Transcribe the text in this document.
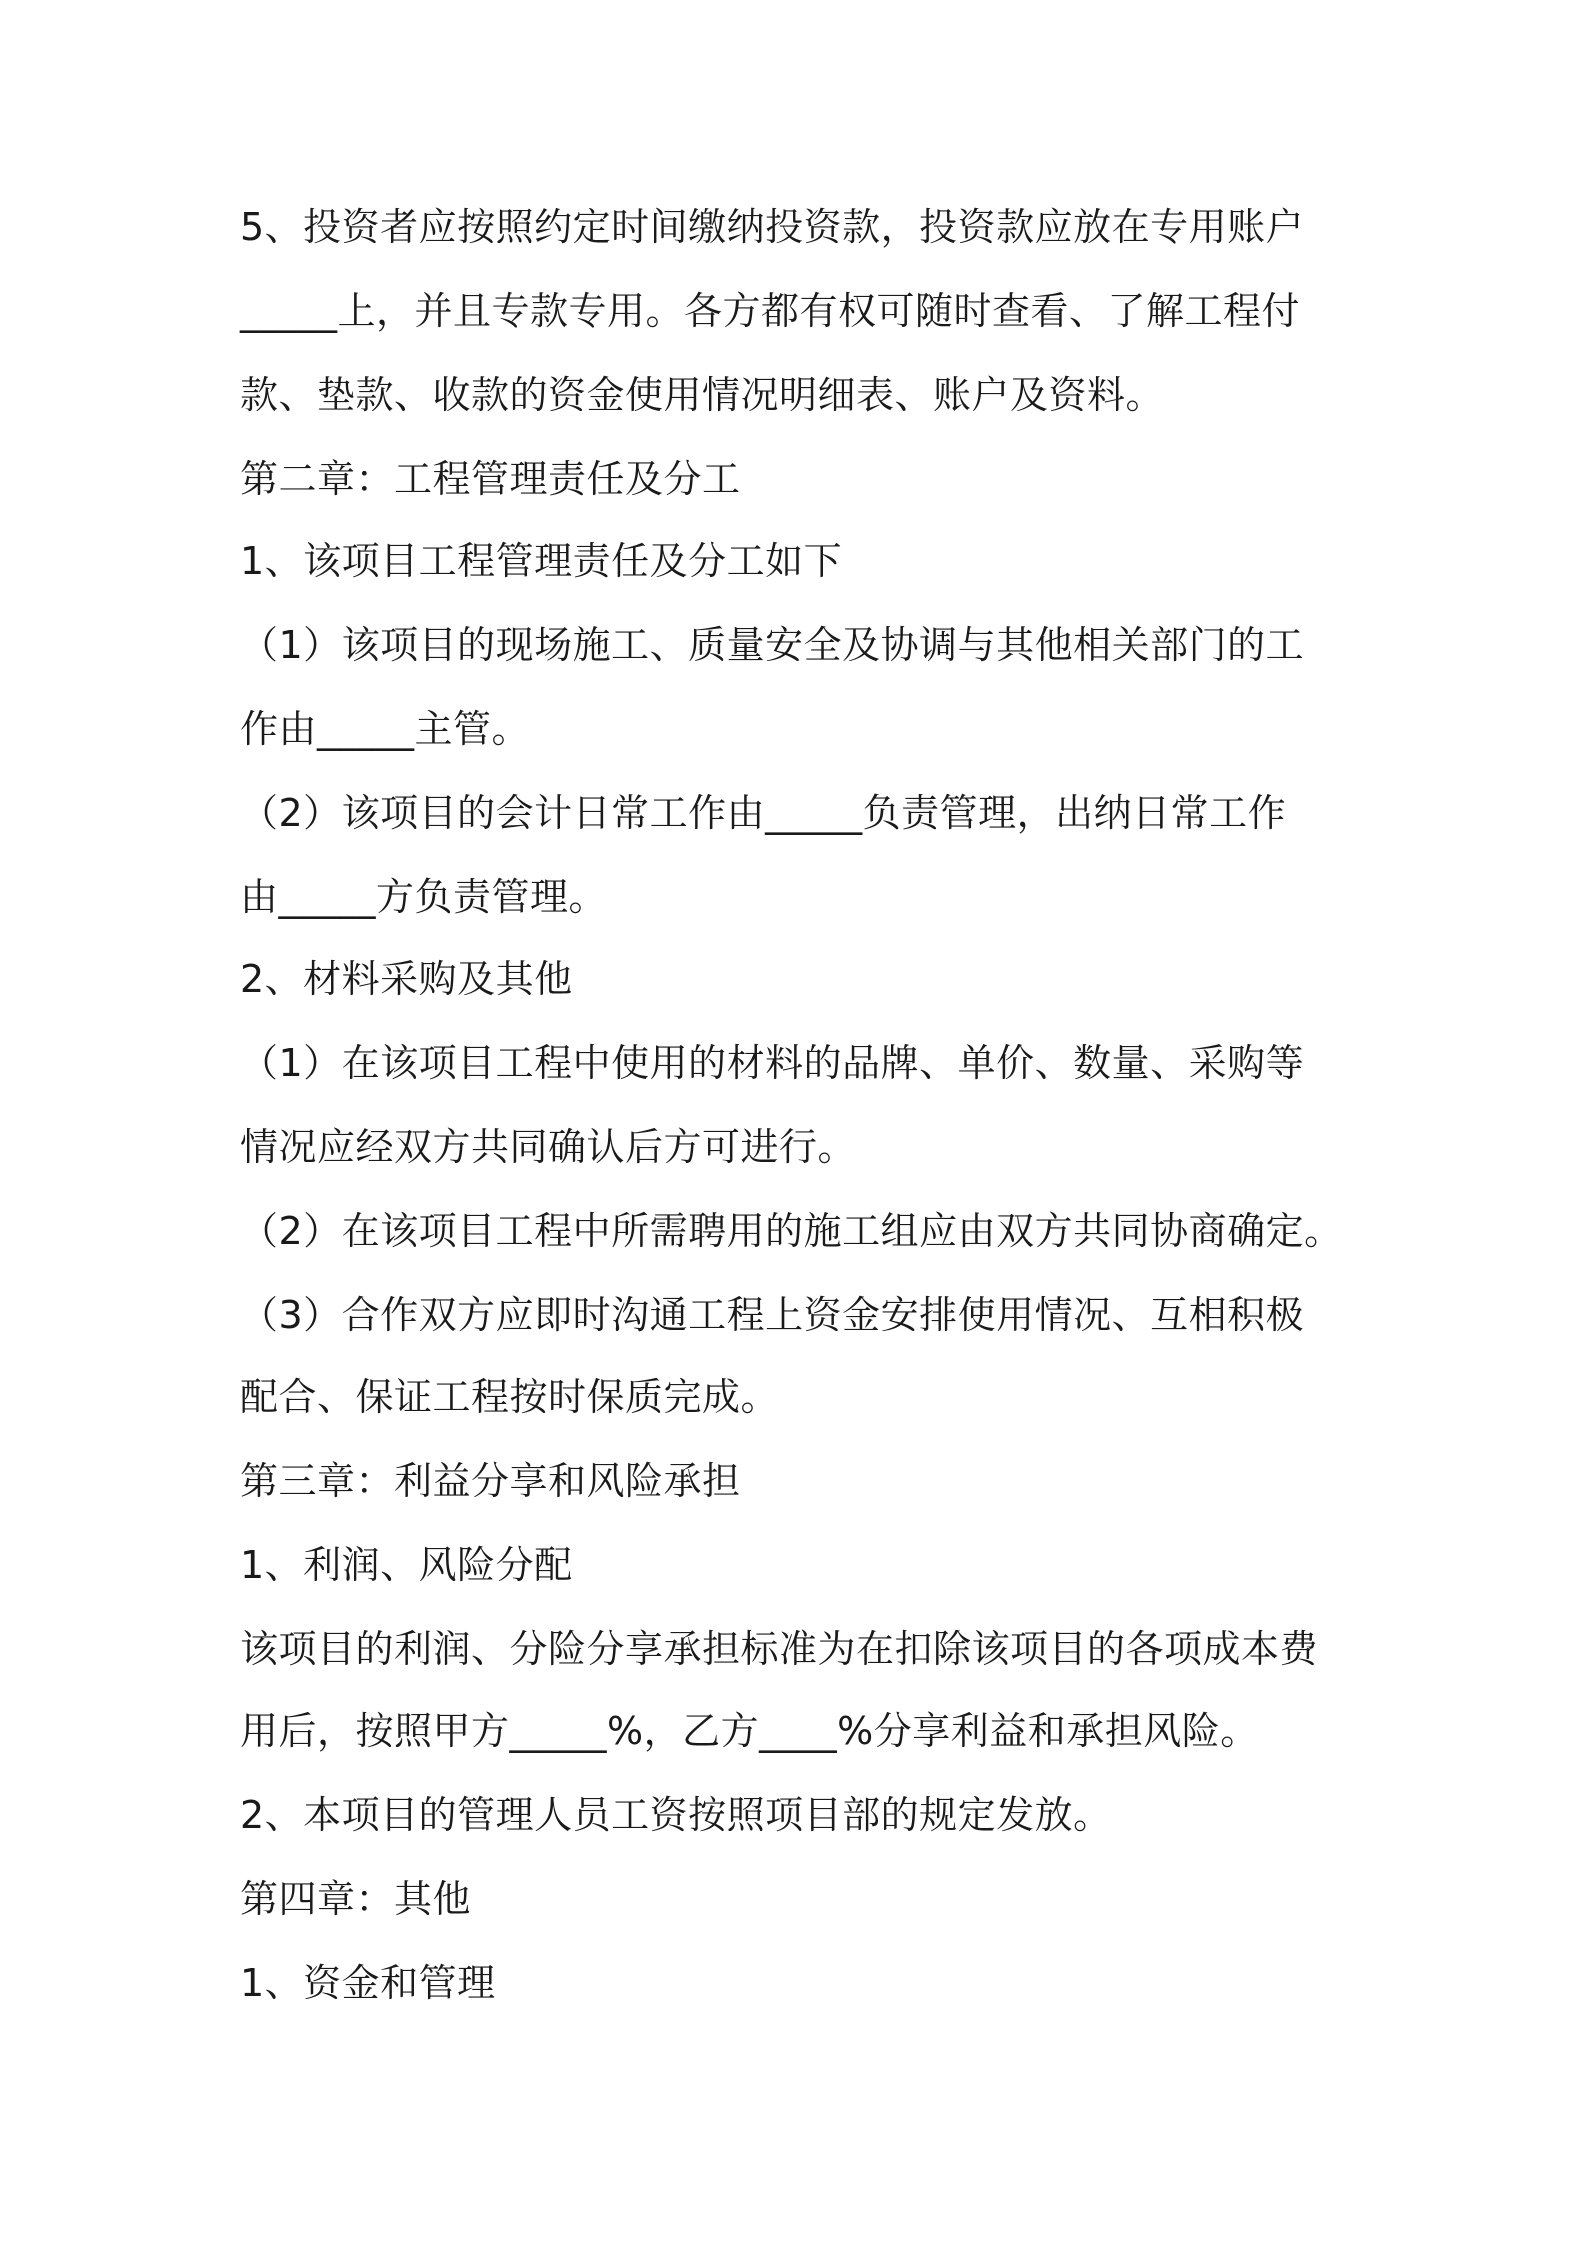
5、投资者应按照约定时间缴纳投资款，投资款应放在专用账户
_____上，并且专款专用。各方都有权可随时查看、了解工程付
款、垫款、收款的资金使用情况明细表、账户及资料。
第二章：工程管理责任及分工
1、该项目工程管理责任及分工如下
（1）该项目的现场施工、质量安全及协调与其他相关部门的工
作由_____主管。
（2）该项目的会计日常工作由_____负责管理，出纳日常工作
由_____方负责管理。
2、材料采购及其他
（1）在该项目工程中使用的材料的品牌、单价、数量、采购等
情况应经双方共同确认后方可进行。
（2）在该项目工程中所需聘用的施工组应由双方共同协商确定。
（3）合作双方应即时沟通工程上资金安排使用情况、互相积极
配合、保证工程按时保质完成。
第三章：利益分享和风险承担
1、利润、风险分配
该项目的利润、分险分享承担标准为在扣除该项目的各项成本费
用后，按照甲方_____%，乙方____%分享利益和承担风险。
2、本项目的管理人员工资按照项目部的规定发放。
第四章：其他
1、资金和管理
